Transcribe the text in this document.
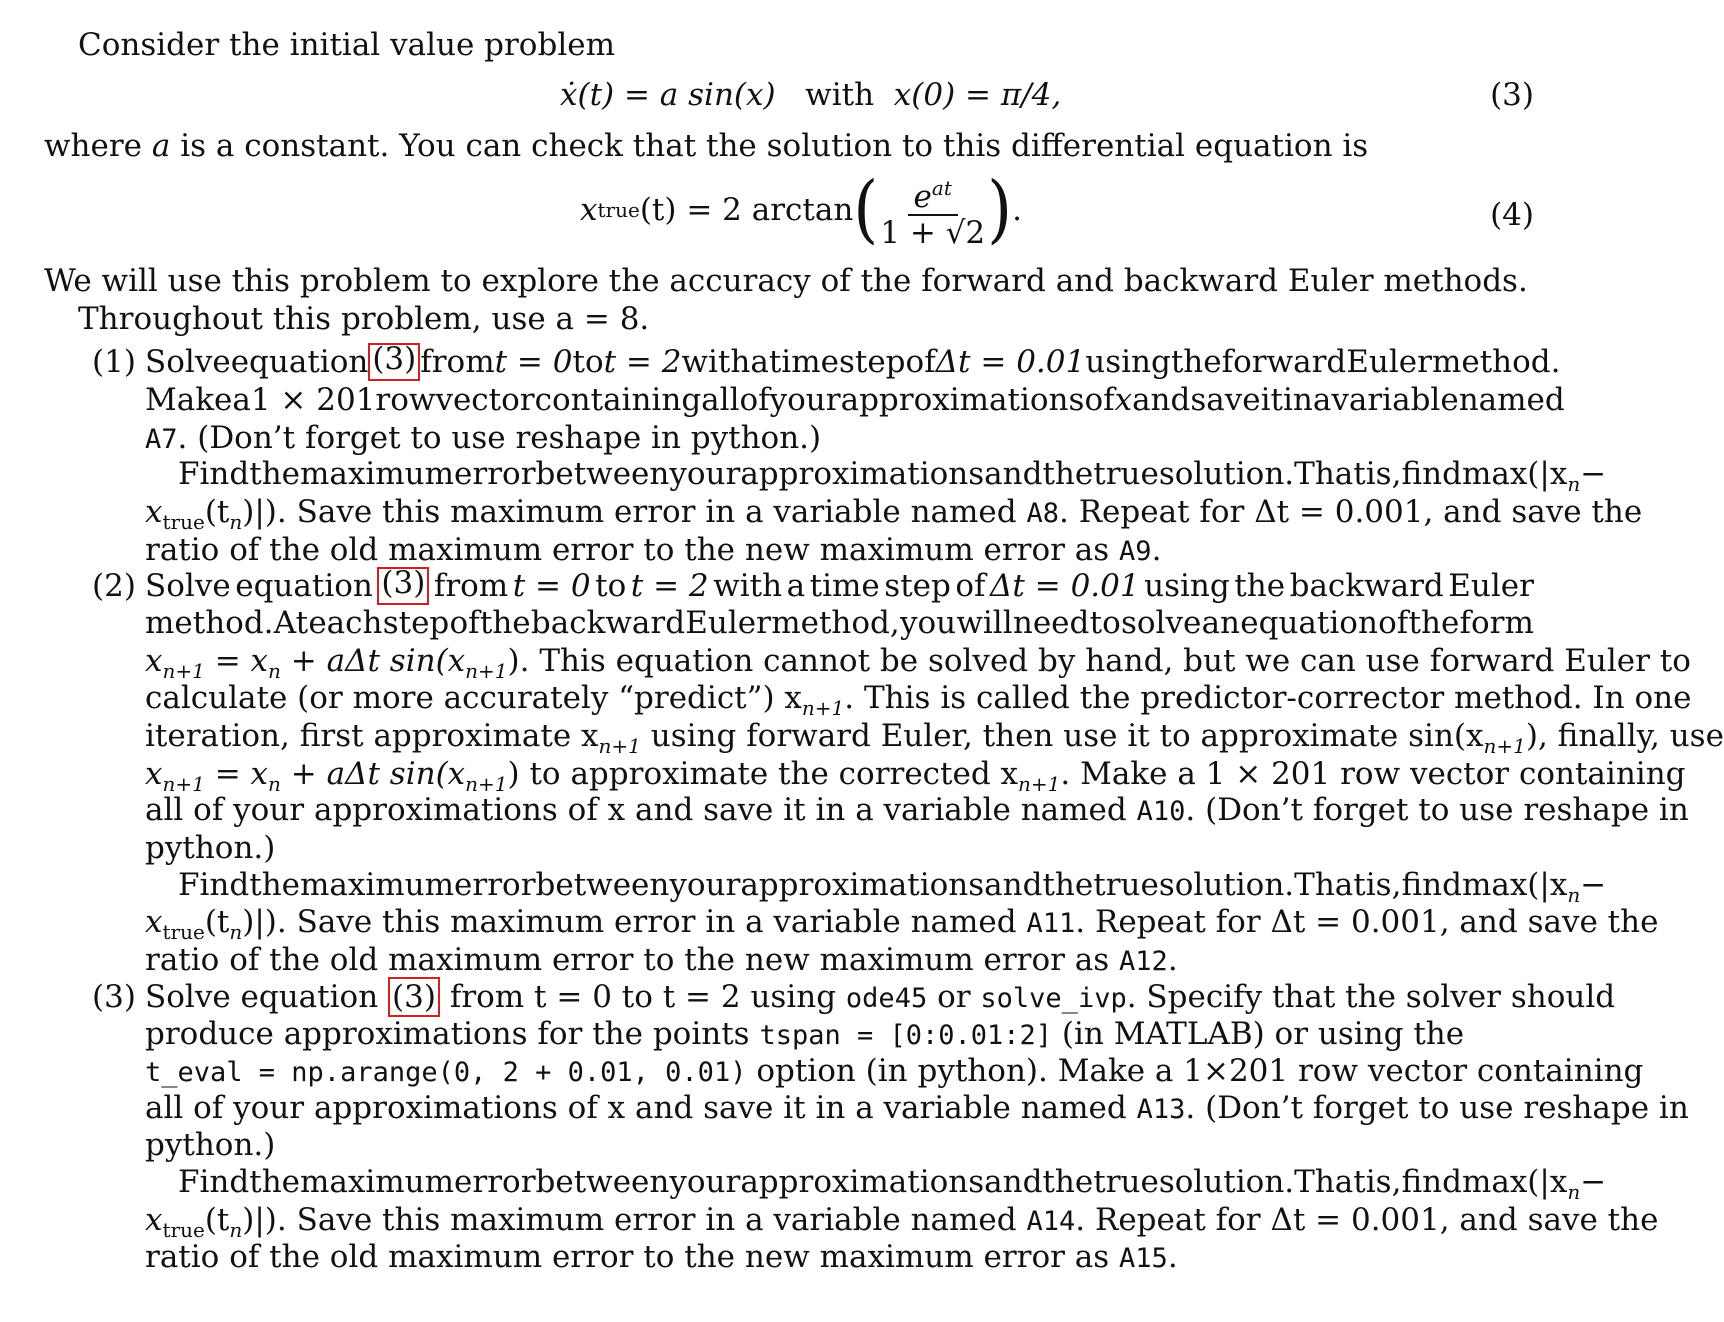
Consider the initial value problem
ẋ(t) = a sin(x) with x(0) = π/4,	(3)
where a is a constant. You can check that the solution to this differential equation is
x true (t) = 2 arctan ( $\frac{e^{at}}{1 + √2}$ ) .	(4)
We will use this problem to explore the accuracy of the forward and backward Euler methods.
Throughout this problem, use a = 8.
(1) Solve equation (3) from t = 0 to t = 2 with a time step of Δt = 0.01 using the forward Euler method.
Make a 1 × 201 row vector containing all of your approximations of x and save it in a variable named
A7. (Don’t forget to use reshape in python.)
Find the maximum error between your approximations and the true solution. That is, find $\max(|x_n-$
$x_{true}(t_n)|$). Save this maximum error in a variable named A8. Repeat for Δt = 0.001, and save the
ratio of the old maximum error to the new maximum error as A9.
(2) Solve equation (3) from t = 0 to t = 2 with a time step of Δt = 0.01 using the backward Euler
method. At each step of the backward Euler method, you will need to solve an equation of the form
$x_{n+1} = x_n + a\Delta t$ $\sin(x_{n+1})$. This equation cannot be solved by hand, but we can use forward Euler to
calculate (or more accurately “predict”) $x_{n+1}$. This is called the predictor-corrector method. In one
iteration, first approximate $x_{n+1}$ using forward Euler, then use it to approximate $\sin(x_{n+1})$, finally, use
$x_{n+1} = x_n + a\Delta t$ $\sin(x_{n+1})$ to approximate the corrected $x_{n+1}$. Make a 1 × 201 row vector containing
all of your approximations of x and save it in a variable named A10. (Don’t forget to use reshape in
python.)
Find the maximum error between your approximations and the true solution. That is, find $\max(|x_n-$
$x_{true}(t_n)|$). Save this maximum error in a variable named A11. Repeat for Δt = 0.001, and save the
ratio of the old maximum error to the new maximum error as A12.
(3) Solve equation (3) from t = 0 to t = 2 using ode45 or solve_ivp. Specify that the solver should
produce approximations for the points tspan = [0:0.01:2] (in MATLAB) or using the
t_eval = np.arange(0, 2 + 0.01, 0.01) option (in python). Make a 1×201 row vector containing
all of your approximations of x and save it in a variable named A13. (Don’t forget to use reshape in
python.)
Find the maximum error between your approximations and the true solution. That is, find $\max(|x_n-$
$x_{true}(t_n)|$). Save this maximum error in a variable named A14. Repeat for Δt = 0.001, and save the
ratio of the old maximum error to the new maximum error as A15.
